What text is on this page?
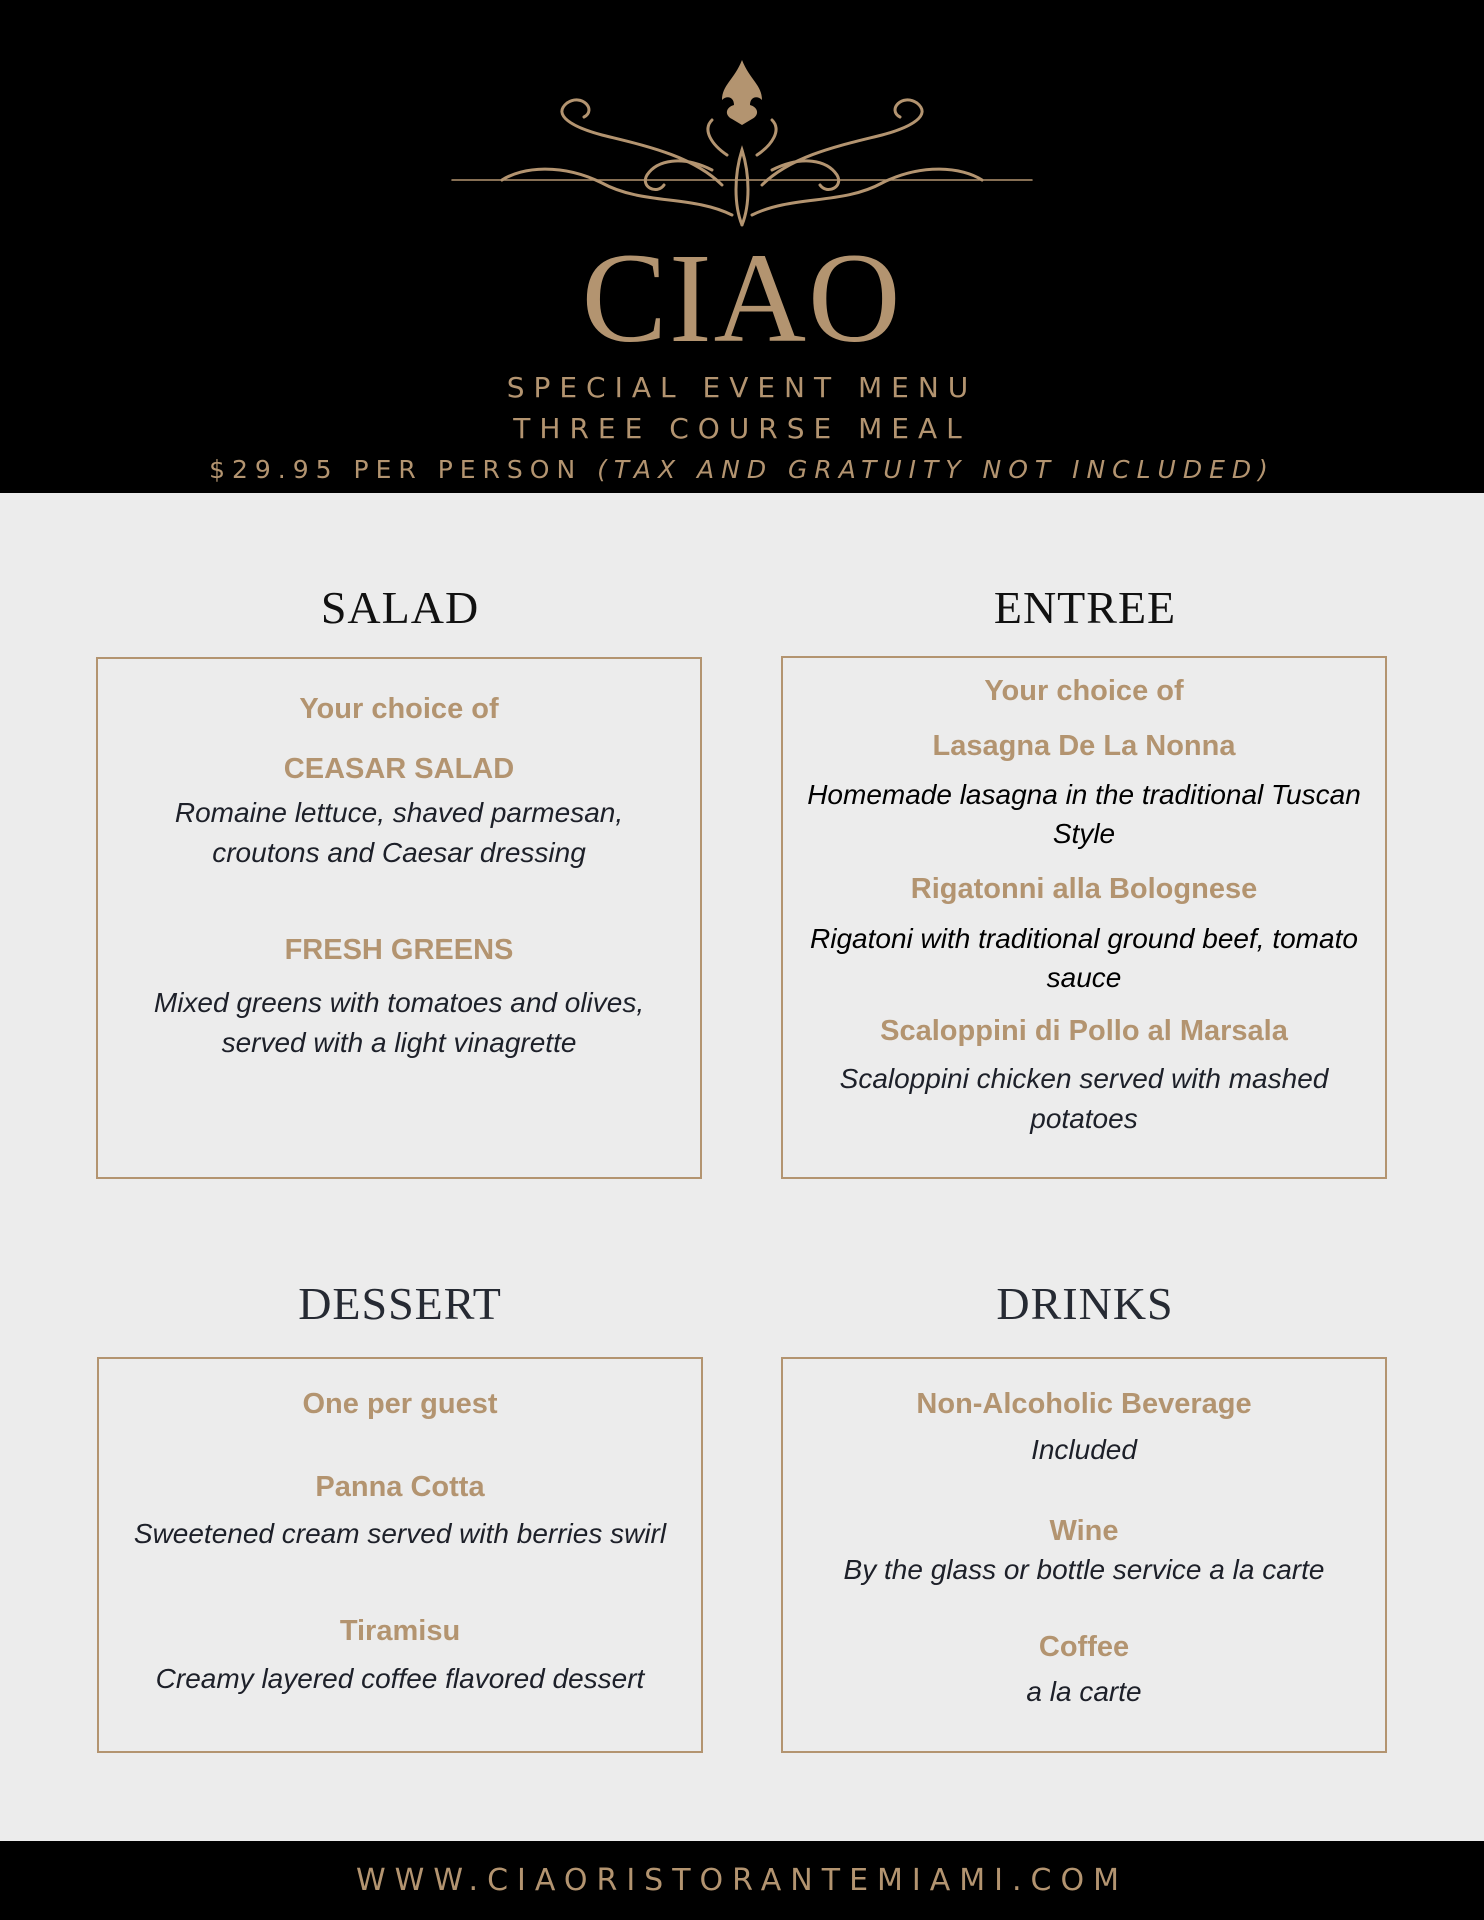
CIAO
SPECIAL EVENT MENU
THREE COURSE MEAL
$29.95 PER PERSON (TAX AND GRATUITY NOT INCLUDED)
SALAD

Your choice of

CEASAR SALAD

Romaine lettuce, shaved parmesan,

croutons and Caesar dressing

FRESH GREENS

Mixed greens with tomatoes and olives,

served with a light vinagrette

ENTREE

Your choice of

Lasagna De La Nonna

Homemade lasagna in the traditional Tuscan

Style

Rigatonni alla Bolognese

Rigatoni with traditional ground beef, tomato

sauce

Scaloppini di Pollo al Marsala

Scaloppini chicken served with mashed

potatoes

DESSERT

One per guest

Panna Cotta

Sweetened cream served with berries swirl

Tiramisu

Creamy layered coffee flavored dessert

DRINKS

Non-Alcoholic Beverage

Included

Wine

By the glass or bottle service a la carte

Coffee

a la carte

WWW.CIAORISTORANTEMIAMI.COM
